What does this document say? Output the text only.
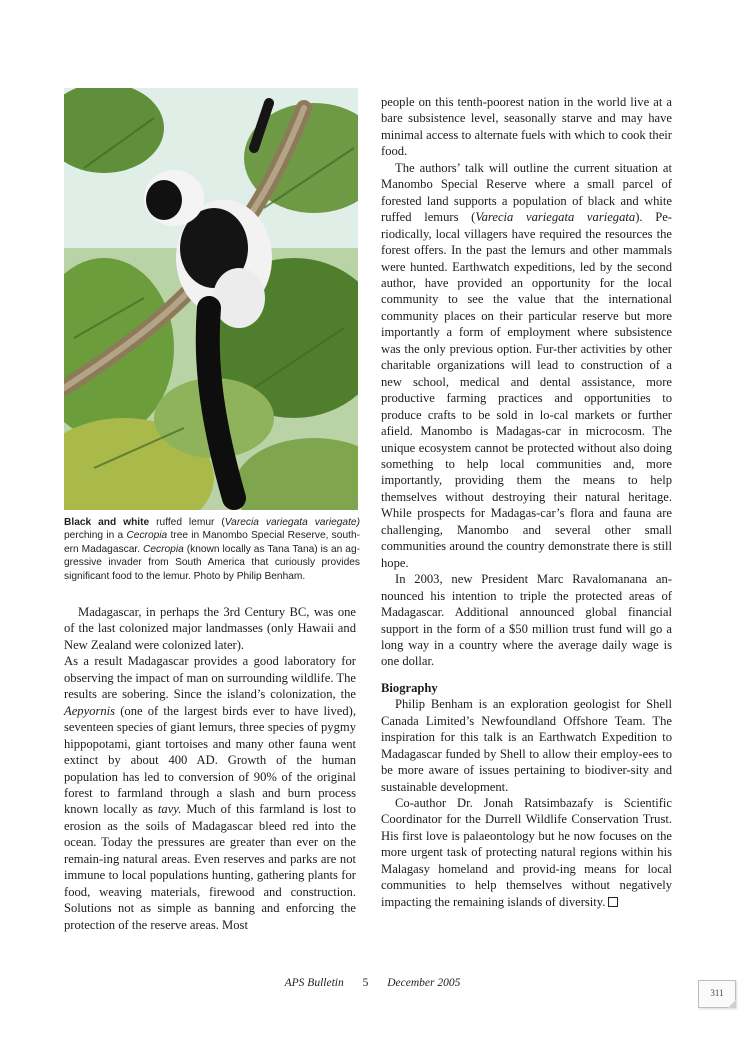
Black and white ruffed lemur (Varecia variegata variegate) perching in a Cecropia tree in Manombo Special Reserve, south-ern Madagascar. Cecropia (known locally as Tana Tana) is an ag-gressive invader from South America that curiously provides significant food to the lemur. Photo by Philip Benham.

Madagascar, in perhaps the 3rd Century BC, was one of the last colonized major landmasses (only Hawaii and New Zealand were colonized later).

As a result Madagascar provides a good laboratory for observing the impact of man on surrounding wildlife. The results are sobering. Since the island’s colonization, the Aepyornis (one of the largest birds ever to have lived), seventeen species of giant lemurs, three species of pygmy hippopotami, giant tortoises and many other fauna went extinct by about 400 AD. Growth of the human population has led to conversion of 90% of the original forest to farmland through a slash and burn process known locally as tavy. Much of this farmland is lost to erosion as the soils of Madagascar bleed red into the ocean. Today the pressures are greater than ever on the remain-ing natural areas. Even reserves and parks are not immune to local populations hunting, gathering plants for food, weaving materials, firewood and construction. Solutions not as simple as banning and enforcing the protection of the reserve areas. Most

people on this tenth-poorest nation in the world live at a bare subsistence level, seasonally starve and may have minimal access to alternate fuels with which to cook their food.

The authors’ talk will outline the current situation at Manombo Special Reserve where a small parcel of forested land supports a population of black and white ruffed lemurs (Varecia variegata variegata). Pe-riodically, local villagers have required the resources the forest offers. In the past the lemurs and other mammals were hunted. Earthwatch expeditions, led by the second author, have provided an opportunity for the local community to see the value that the international community places on their particular reserve but more importantly a form of employment where subsistence was the only previous option. Fur-ther activities by other charitable organizations will lead to construction of a new school, medical and dental assistance, more productive farming practices and opportunities to produce crafts to be sold in lo-cal markets or further afield. Manombo is Madagas-car in microcosm. The unique ecosystem cannot be protected without also doing something to help local communities and, more importantly, providing them the means to help themselves without destroying their natural heritage. While prospects for Madagas-car’s flora and fauna are challenging, Manombo and several other small communities around the country demonstrate there is still hope.

In 2003, new President Marc Ravalomanana an-nounced his intention to triple the protected areas of Madagascar. Additional announced global financial support in the form of a $50 million trust fund will go a long way in a country where the average daily wage is one dollar.

Biography

Philip Benham is an exploration geologist for Shell Canada Limited’s Newfoundland Offshore Team. The inspiration for this talk is an Earthwatch Expedition to Madagascar funded by Shell to allow their employ-ees to be more aware of issues pertaining to biodiver-sity and sustainable development.

Co-author Dr. Jonah Ratsimbazafy is Scientific Coordinator for the Durrell Wildlife Conservation Trust. His first love is palaeontology but he now focuses on the more urgent task of protecting natural regions within his Malagasy homeland and provid-ing means for local communities to help themselves without negatively impacting the remaining islands of diversity.

APS Bulletin 5 December 2005
311
